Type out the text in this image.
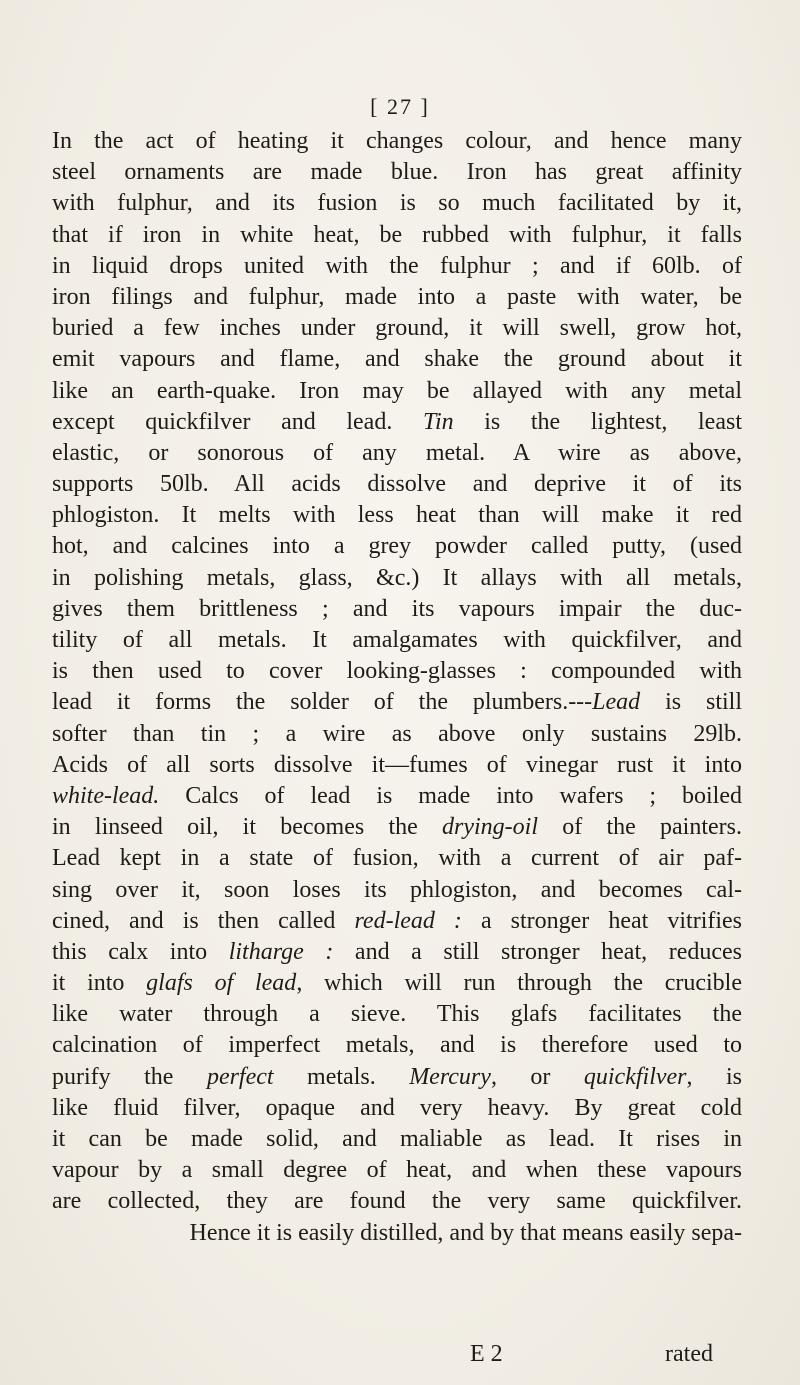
[ 27 ]
In the act of heating it changes colour, and hence many
steel ornaments are made blue. Iron has great affinity
with fulphur, and its fusion is so much facilitated by it,
that if iron in white heat, be rubbed with fulphur, it falls
in liquid drops united with the fulphur ; and if 60lb. of
iron filings and fulphur, made into a paste with water, be
buried a few inches under ground, it will swell, grow hot,
emit vapours and flame, and shake the ground about it
like an earth-quake. Iron may be allayed with any metal
except quickfilver and lead. Tin is the lightest, least
elastic, or sonorous of any metal. A wire as above,
supports 50lb. All acids dissolve and deprive it of its
phlogiston. It melts with less heat than will make it red
hot, and calcines into a grey powder called putty, (used
in polishing metals, glass, &c.) It allays with all metals,
gives them brittleness ; and its vapours impair the duc-
tility of all metals. It amalgamates with quickfilver, and
is then used to cover looking-glasses : compounded with
lead it forms the solder of the plumbers.---Lead is still
softer than tin ; a wire as above only sustains 29lb.
Acids of all sorts dissolve it—fumes of vinegar rust it into
white-lead. Calcs of lead is made into wafers ; boiled
in linseed oil, it becomes the drying-oil of the painters.
Lead kept in a state of fusion, with a current of air paf-
sing over it, soon loses its phlogiston, and becomes cal-
cined, and is then called red-lead : a stronger heat vitrifies
this calx into litharge : and a still stronger heat, reduces
it into glafs of lead, which will run through the crucible
like water through a sieve. This glafs facilitates the
calcination of imperfect metals, and is therefore used to
purify the perfect metals. Mercury, or quickfilver, is
like fluid filver, opaque and very heavy. By great cold
it can be made solid, and maliable as lead. It rises in
vapour by a small degree of heat, and when these vapours
are collected, they are found the very same quickfilver.
Hence it is easily distilled, and by that means easily sepa-
E 2	rated
